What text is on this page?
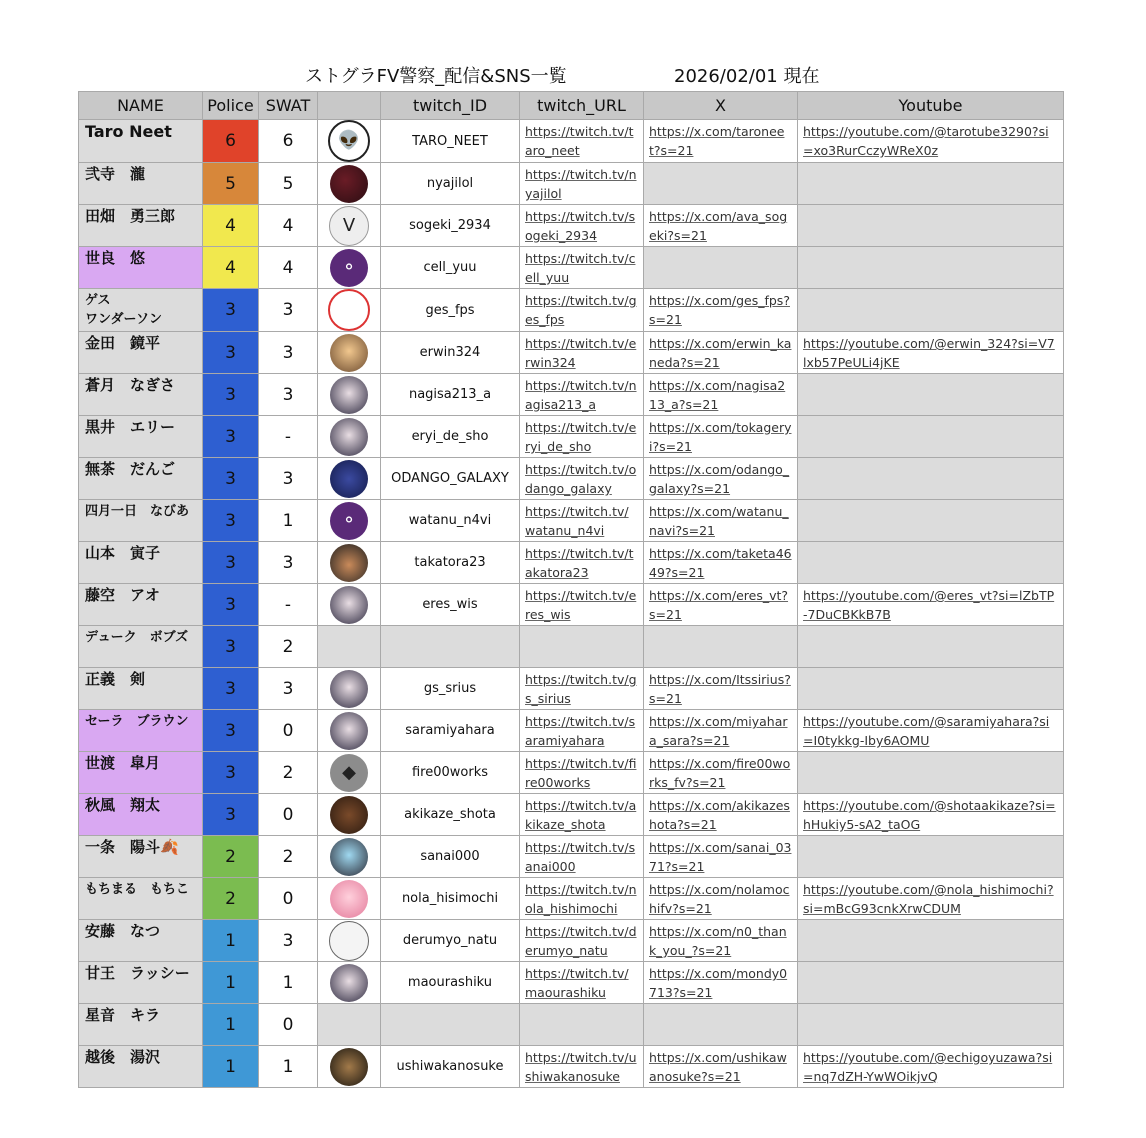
ストグラFV警察_配信&SNS一覧	2026/02/01 現在
NAME	Police	SWAT		twitch_ID	twitch_URL	X	Youtube
Taro Neet	6	6	👽	TARO_NEET	https://twitch.tv/taro_neet	https://x.com/taroneet?s=21	https://youtube.com/@tarotube3290?si=xo3RurCczyWReX0z
弐寺　瀧	5	5		nyajilol	https://twitch.tv/nyajilol		
田畑　勇三郎	4	4	V	sogeki_2934	https://twitch.tv/sogeki_2934	https://x.com/ava_sogeki?s=21	
世良　悠	4	4	⚬	cell_yuu	https://twitch.tv/cell_yuu		
ゲス
ワンダーソン	3	3		ges_fps	https://twitch.tv/ges_fps	https://x.com/ges_fps?s=21	
金田　鏡平	3	3		erwin324	https://twitch.tv/erwin324	https://x.com/erwin_kaneda?s=21	https://youtube.com/@erwin_324?si=V7lxb57PeULi4jKE
蒼月　なぎさ	3	3		nagisa213_a	https://twitch.tv/nagisa213_a	https://x.com/nagisa213_a?s=21	
黒井　エリー	3	-		eryi_de_sho	https://twitch.tv/eryi_de_sho	https://x.com/tokageryi?s=21	
無茶　だんご	3	3		ODANGO_GALAXY	https://twitch.tv/odango_galaxy	https://x.com/odango_galaxy?s=21	
四月一日　なびあ	3	1	⚬	watanu_n4vi	https://twitch.tv/watanu_n4vi	https://x.com/watanu_navi?s=21	
山本　寅子	3	3		takatora23	https://twitch.tv/takatora23	https://x.com/taketa4649?s=21	
藤空　アオ	3	-		eres_wis	https://twitch.tv/eres_wis	https://x.com/eres_vt?s=21	https://youtube.com/@eres_vt?si=lZbTP-7DuCBKkB7B
デューク　ボブズ	3	2					
正義　剣	3	3		gs_srius	https://twitch.tv/gs_sirius	https://x.com/Itssirius?s=21	
セーラ　ブラウン	3	0		saramiyahara	https://twitch.tv/saramiyahara	https://x.com/miyahara_sara?s=21	https://youtube.com/@saramiyahara?si=I0tykkg-Iby6AOMU
世渡　皐月	3	2	◆	fire00works	https://twitch.tv/fire00works	https://x.com/fire00works_fv?s=21	
秋風　翔太	3	0		akikaze_shota	https://twitch.tv/akikaze_shota	https://x.com/akikazeshota?s=21	https://youtube.com/@shotaakikaze?si=hHukiy5-sA2_taOG
一条　陽斗🍂	2	2		sanai000	https://twitch.tv/sanai000	https://x.com/sanai_0371?s=21	
もちまる　もちこ	2	0		nola_hisimochi	https://twitch.tv/nola_hishimochi	https://x.com/nolamochifv?s=21	https://youtube.com/@nola_hishimochi?si=mBcG93cnkXrwCDUM
安藤　なつ	1	3		derumyo_natu	https://twitch.tv/derumyo_natu	https://x.com/n0_thank_you_?s=21	
甘王　ラッシー	1	1		maourashiku	https://twitch.tv/maourashiku	https://x.com/mondy0713?s=21	
星音　キラ	1	0					
越後　湯沢	1	1		ushiwakanosuke	https://twitch.tv/ushiwakanosuke	https://x.com/ushikawanosuke?s=21	https://youtube.com/@echigoyuzawa?si=nq7dZH-YwWOikjvQ
